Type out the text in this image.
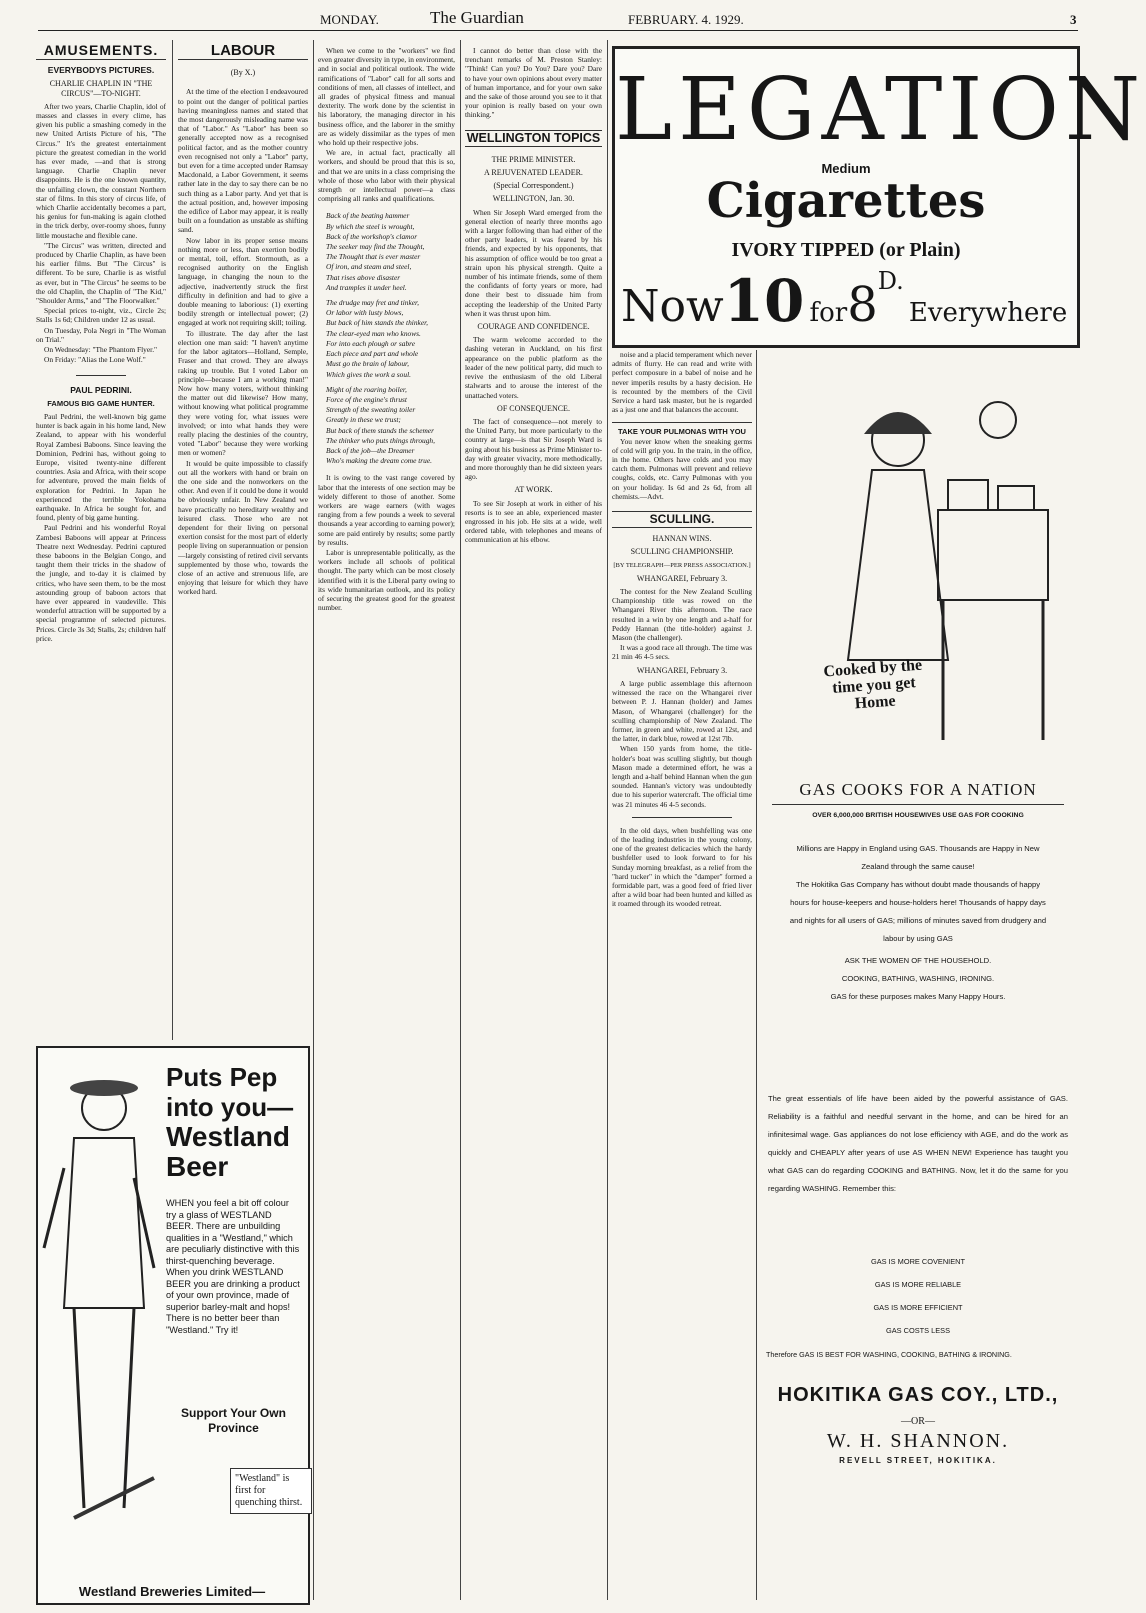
MONDAY.	The Guardian	FEBRUARY. 4. 1929.	3
AMUSEMENTS.
EVERYBODYS PICTURES.
CHARLIE CHAPLIN IN "THE CIRCUS"—TO-NIGHT.

After two years, Charlie Chaplin, idol of masses and classes in every clime, has given his public a smashing comedy in the new United Artists Picture of his, "The Circus." It's the greatest entertainment picture the greatest comedian in the world has ever made, —and that is strong language. Charlie Chaplin never disappoints. He is the one known quantity, the unfailing clown, the constant Northern star of films. In this story of circus life, of which Charlie accidentally becomes a part, his genius for fun-making is again clothed in the trick derby, over-roomy shoes, funny little moustache and flexible cane.

"The Circus" was written, directed and produced by Charlie Chaplin, as have been his earlier films. But "The Circus" is different. To be sure, Charlie is as wistful as ever, but in "The Circus" he seems to be the old Chaplin, the Chaplin of "The Kid," "Shoulder Arms," and "The Floorwalker."

Special prices to-night, viz., Circle 2s; Stalls 1s 6d; Children under 12 as usual.

On Tuesday, Pola Negri in "The Woman on Trial."

On Wednesday: "The Phantom Flyer."

On Friday: "Alias the Lone Wolf."

PAUL PEDRINI.
FAMOUS BIG GAME HUNTER.

Paul Pedrini, the well-known big game hunter is back again in his home land, New Zealand, to appear with his wonderful Royal Zambesi Baboons. Since leaving the Dominion, Pedrini has, without going to Europe, visited twenty-nine different countries. Asia and Africa, with their scope for adventure, proved the main fields of exploration for Pedrini. In Japan he experienced the terrible Yokohama earthquake. In Africa he sought for, and found, plenty of big game hunting.

Paul Pedrini and his wonderful Royal Zambesi Baboons will appear at Princess Theatre next Wednesday. Pedrini captured these baboons in the Belgian Congo, and taught them their tricks in the shadow of the jungle, and to-day it is claimed by critics, who have seen them, to be the most astounding group of baboon actors that have ever appeared in vaudeville. This wonderful attraction will be supported by a special programme of selected pictures. Prices. Circle 3s 3d; Stalls, 2s; children half price.

LABOUR
(By X.)

At the time of the election I endeavoured to point out the danger of political parties having meaningless names and stated that the most dangerously misleading name was that of "Labor." As "Labor" has been so generally accepted now as a recognised political factor, and as the mother country even recognised not only a "Labor" party, but even for a time accepted under Ramsay Macdonald, a Labor Government, it seems rather late in the day to say there can be no such thing as a Labor party. And yet that is the actual position, and, however imposing the edifice of Labor may appear, it is really built on a foundation as unstable as shifting sand.

Now labor in its proper sense means nothing more or less, than exertion bodily or mental, toil, effort. Stormouth, as a recognised authority on the English language, in changing the noun to the adjective, inadvertently struck the first difficulty in definition and had to give a double meaning to laborious: (1) exerting bodily strength or intellectual power; (2) engaged at work not requiring skill; toiling.

To illustrate. The day after the last election one man said: "I haven't anytime for the labor agitators—Holland, Semple, Fraser and that crowd. They are always raking up trouble. But I voted Labor on principle—because I am a working man!" Now how many voters, without thinking the matter out did likewise? How many, without knowing what political programme they were voting for, what issues were involved; or into what hands they were really placing the destinies of the country, voted "Labor" because they were working men or women?

It would be quite impossible to classify out all the workers with hand or brain on the one side and the nonworkers on the other. And even if it could be done it would be obviously unfair. In New Zealand we have practically no hereditary wealthy and leisured class. Those who are not dependent for their living on personal exertion consist for the most part of elderly people living on superannuation or pension—largely consisting of retired civil servants supplemented by those who, towards the close of an active and strenuous life, are enjoying that leisure for which they have worked hard.

Puts Pep
into you—
Westland
Beer
WHEN you feel a bit off colour try a glass of WESTLAND BEER. There are unbuilding qualities in a "Westland," which are peculiarly distinctive with this thirst-quenching beverage. When you drink WESTLAND BEER you are drinking a product of your own province, made of superior barley-malt and hops! There is no better beer than "Westland." Try it!
Support Your Own Province
"Westland" is first for quenching thirst.
Westland Breweries Limited—

When we come to the "workers" we find even greater diversity in type, in environment, and in social and political outlook. The wide ramifications of "Labor" call for all sorts and conditions of men, all classes of intellect, and all grades of physical fitness and manual dexterity. The work done by the scientist in his laboratory, the managing director in his business office, and the laborer in the smithy are as widely dissimilar as the types of men who hold up their respective jobs.

We are, in actual fact, practically all workers, and should be proud that this is so, and that we are units in a class comprising the whole of those who labor with their physical strength or intellectual power—a class comprising all ranks and qualifications.

Back of the beating hammer

By which the steel is wrought,

Back of the workshop's clamor

The seeker may find the Thought,

The Thought that is ever master

Of iron, and steam and steel,

That rises above disaster

And tramples it under heel.

The drudge may fret and tinker,

Or labor with lusty blows,

But back of him stands the thinker,

The clear-eyed man who knows.

For into each plough or sabre

Each piece and part and whole

Must go the brain of labour,

Which gives the work a soul.

Might of the roaring boiler,

Force of the engine's thrust

Strength of the sweating toiler

Greatly in these we trust;

But back of them stands the schemer

The thinker who puts things through,

Back of the job—the Dreamer

Who's making the dream come true.

It is owing to the vast range covered by labor that the interests of one section may be widely different to those of another. Some workers are wage earners (with wages ranging from a few pounds a week to several thousands a year according to earning power); some are paid entirely by results; some partly by results.

Labor is unrepresentable politically, as the workers include all schools of political thought. The party which can be most closely identified with it is the Liberal party owing to its wide humanitarian outlook, and its policy of securing the greatest good for the greatest number.

I cannot do better than close with the trenchant remarks of M. Preston Stanley: "Think! Can you? Do You? Dare you? Dare to have your own opinions about every matter of human importance, and for your own sake and the sake of those around you see to it that your opinion is really based on your own thinking."

WELLINGTON TOPICS
THE PRIME MINISTER.
A REJUVENATED LEADER.
(Special Correspondent.)
WELLINGTON, Jan. 30.

When Sir Joseph Ward emerged from the general election of nearly three months ago with a larger following than had either of the other party leaders, it was feared by his friends, and expected by his opponents, that his assumption of office would be too great a strain upon his physical strength. Quite a number of his intimate friends, some of them the confidants of forty years or more, had done their best to dissuade him from accepting the leadership of the United Party when it was thrust upon him.

COURAGE AND CONFIDENCE.

The warm welcome accorded to the dashing veteran in Auckland, on his first appearance on the public platform as the leader of the new political party, did much to revive the enthusiasm of the old Liberal stalwarts and to arouse the interest of the unattached voters.

OF CONSEQUENCE.

The fact of consequence—not merely to the United Party, but more particularly to the country at large—is that Sir Joseph Ward is going about his business as Prime Minister to-day with greater vivacity, more methodically, and more thoroughly than he did sixteen years ago.

AT WORK.

To see Sir Joseph at work in either of his resorts is to see an able, experienced master engrossed in his job. He sits at a wide, well ordered table, with telephones and means of communication at his elbow.

LEGATION
Medium
Cigarettes
IVORY TIPPED (or Plain)
Now10 for8D. Everywhere

noise and a placid temperament which never admits of flurry. He can read and write with perfect composure in a babel of noise and he never imperils results by a hasty decision. He is recounted by the members of the Civil Service a hard task master, but he is regarded as a just one and that balances the account.

TAKE YOUR PULMONAS WITH YOU

You never know when the sneaking germs of cold will grip you. In the train, in the office, in the home. Others have colds and you may catch them. Pulmonas will prevent and relieve coughs, colds, etc. Carry Pulmonas with you on your holiday. Is 6d and 2s 6d, from all chemists.—Advt.

SCULLING.
HANNAN WINS.
SCULLING CHAMPIONSHIP.
[BY TELEGRAPH—PER PRESS ASSOCIATION.]
WHANGAREI, February 3.

The contest for the New Zealand Sculling Championship title was rowed on the Whangarei River this afternoon. The race resulted in a win by one length and a-half for Peddy Hannan (the title-holder) against J. Mason (the challenger).

It was a good race all through. The time was 21 min 46 4-5 secs.

WHANGAREI, February 3.

A large public assemblage this afternoon witnessed the race on the Whangarei river between P. J. Hannan (holder) and James Mason, of Whangarei (challenger) for the sculling championship of New Zealand. The former, in green and white, rowed at 12st, and the latter, in dark blue, rowed at 12st 7lb.

When 150 yards from home, the title-holder's boat was sculling slightly, but though Mason made a determined effort, he was a length and a-half behind Hannan when the gun sounded. Hannan's victory was undoubtedly due to his superior watercraft. The official time was 21 minutes 46 4-5 seconds.

In the old days, when bushfelling was one of the leading industries in the young colony, one of the greatest delicacies which the hardy bushfeller used to look forward to for his Sunday morning breakfast, as a relief from the "hard tucker" in which the "damper" formed a formidable part, was a good feed of fried liver after a wild boar had been hunted and killed as it roamed through its wooded retreat.

Cooked by the time you get Home
GAS COOKS FOR A NATION
OVER 6,000,000 BRITISH HOUSEWIVES USE GAS FOR COOKING
Millions are Happy in England using GAS. Thousands are Happy in New Zealand through the same cause!
The Hokitika Gas Company has without doubt made thousands of happy hours for house-keepers and house-holders here! Thousands of happy days and nights for all users of GAS; millions of minutes saved from drudgery and labour by using GAS
ASK THE WOMEN OF THE HOUSEHOLD.
COOKING, BATHING, WASHING, IRONING.
GAS for these purposes makes Many Happy Hours.
The great essentials of life have been aided by the powerful assistance of GAS. Reliability is a faithful and needful servant in the home, and can be hired for an infinitesimal wage. Gas appliances do not lose efficiency with AGE, and do the work as quickly and CHEAPLY after years of use AS WHEN NEW! Experience has taught you what GAS can do regarding COOKING and BATHING. Now, let it do the same for you regarding WASHING. Remember this:
GAS IS MORE COVENIENT
GAS IS MORE RELIABLE
GAS IS MORE EFFICIENT
GAS COSTS LESS
Therefore GAS IS BEST FOR WASHING, COOKING, BATHING & IRONING.
HOKITIKA GAS COY., LTD.,
—OR—
W. H. SHANNON.
REVELL STREET, HOKITIKA.
